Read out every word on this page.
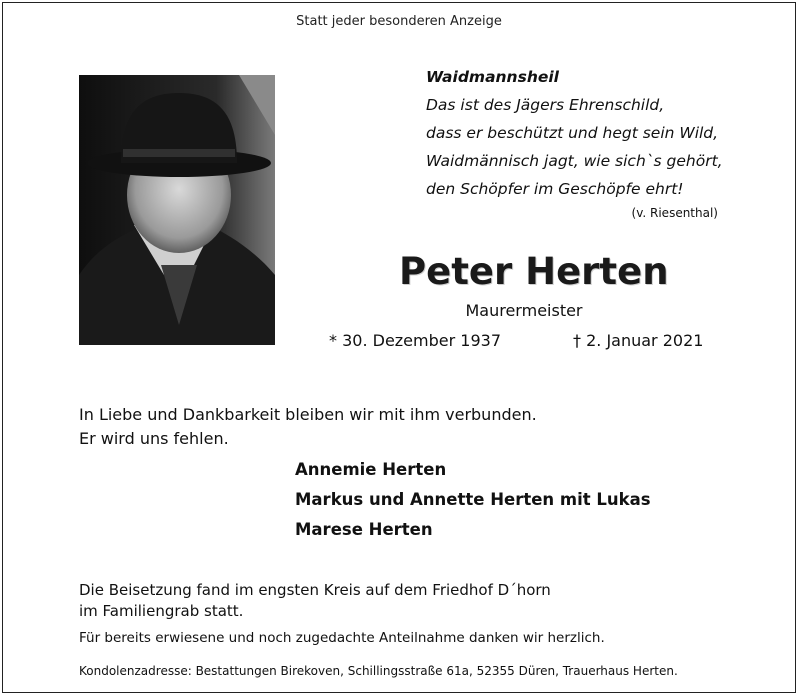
Statt jeder besonderen Anzeige
Waidmannsheil
Das ist des Jägers Ehrenschild,
dass er beschützt und hegt sein Wild,
Waidmännisch jagt, wie sich`s gehört,
den Schöpfer im Geschöpfe ehrt!
(v. Riesenthal)
Peter Herten
Maurermeister
* 30. Dezember 1937	† 2. Januar 2021
In Liebe und Dankbarkeit bleiben wir mit ihm verbunden.
Er wird uns fehlen.
Annemie Herten
Markus und Annette Herten mit Lukas
Marese Herten
Die Beisetzung fand im engsten Kreis auf dem Friedhof D´horn
im Familiengrab statt.
Für bereits erwiesene und noch zugedachte Anteilnahme danken wir herzlich.
Kondolenzadresse: Bestattungen Birekoven, Schillingsstraße 61a, 52355 Düren, Trauerhaus Herten.
